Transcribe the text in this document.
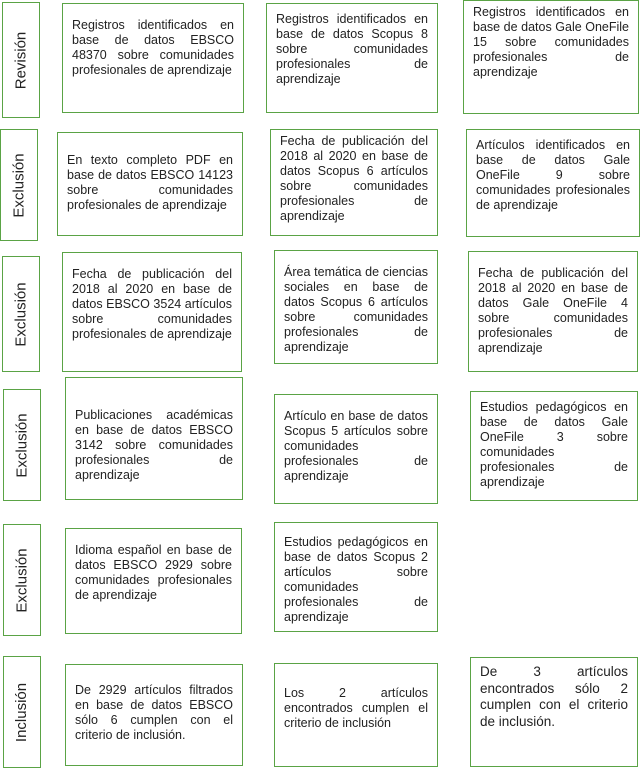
Revisión
Registros identificados en base de datos EBSCO 48370 sobre comunidades profesionales de aprendizaje
Registros identificados en base de datos Scopus 8 sobre comunidades profesionales de aprendizaje
Registros identificados en base de datos Gale OneFile 15 sobre comunidades profesionales de aprendizaje
Exclusión	En texto completo PDF en base de datos EBSCO 14123 sobre comunidades profesionales de aprendizaje
Fecha de publicación del 2018 al 2020 en base de datos Scopus 6 artículos sobre comunidades profesionales de aprendizaje
Artículos identificados en base de datos Gale OneFile 9 sobre comunidades profesionales de aprendizaje
Exclusión
Fecha de publicación del 2018 al 2020 en base de datos EBSCO 3524 artículos sobre comunidades profesionales de aprendizaje
Área temática de ciencias sociales en base de datos Scopus 6 artículos sobre comunidades profesionales de aprendizaje
Fecha de publicación del 2018 al 2020 en base de datos Gale OneFile 4 sobre comunidades profesionales de aprendizaje
Exclusión	Publicaciones académicas en base de datos EBSCO 3142 sobre comunidades profesionales de aprendizaje
Artículo en base de datos Scopus 5 artículos sobre comunidades profesionales de aprendizaje
Estudios pedagógicos en base de datos Gale OneFile 3 sobre comunidades profesionales de aprendizaje
Exclusión	Idioma español en base de datos EBSCO 2929 sobre comunidades profesionales de aprendizaje
Estudios pedagógicos en base de datos Scopus 2 artículos sobre comunidades profesionales de aprendizaje
Inclusión	De 2929 artículos filtrados en base de datos EBSCO sólo 6 cumplen con el criterio de inclusión.
Los 2 artículos encontrados cumplen el criterio de inclusión
De 3 artículos encontrados sólo 2 cumplen con el criterio de inclusión.
